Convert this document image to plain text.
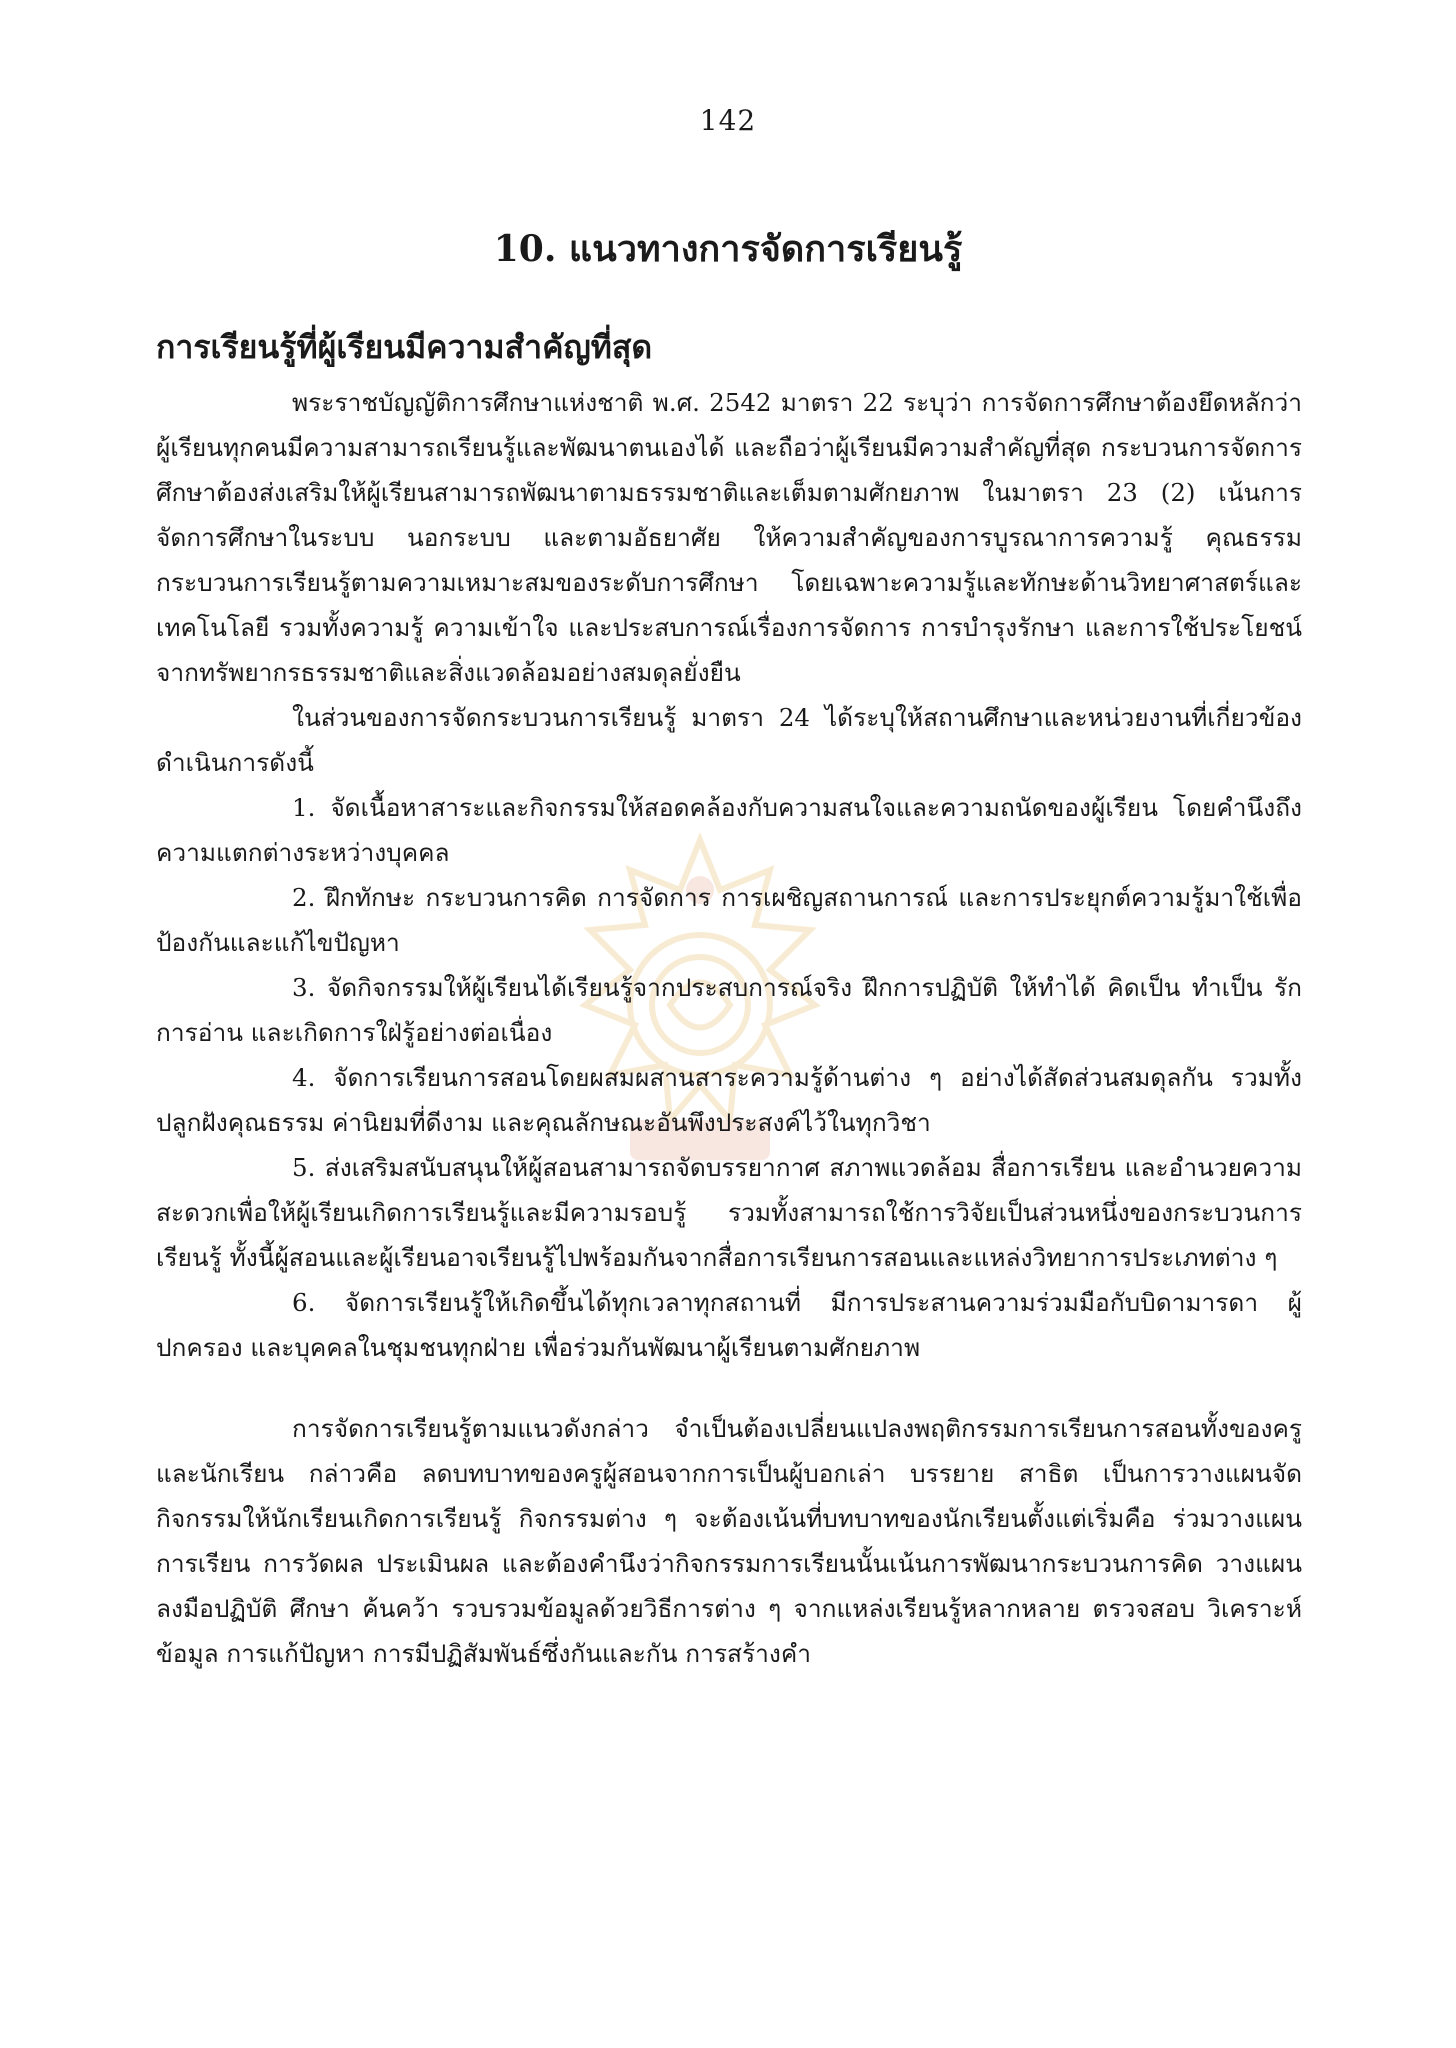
142
10. แนวทางการจัดการเรียนรู้
การเรียนรู้ที่ผู้เรียนมีความสำคัญที่สุด

พระราชบัญญัติการศึกษาแห่งชาติ พ.ศ. 2542 มาตรา 22 ระบุว่า การจัดการศึกษาต้องยึดหลักว่า ผู้เรียนทุกคนมีความสามารถเรียนรู้และพัฒนาตนเองได้ และถือว่าผู้เรียนมีความสำคัญที่สุด กระบวนการจัดการศึกษาต้องส่งเสริมให้ผู้เรียนสามารถพัฒนาตามธรรมชาติและเต็มตามศักยภาพ ในมาตรา 23 (2) เน้นการจัดการศึกษาในระบบ นอกระบบ และตามอัธยาศัย ให้ความสำคัญของการบูรณาการความรู้ คุณธรรม กระบวนการเรียนรู้ตามความเหมาะสมของระดับการศึกษา โดยเฉพาะความรู้และทักษะด้านวิทยาศาสตร์และเทคโนโลยี รวมทั้งความรู้ ความเข้าใจ และประสบการณ์เรื่องการจัดการ การบำรุงรักษา และการใช้ประโยชน์จากทรัพยากรธรรมชาติและสิ่งแวดล้อมอย่างสมดุลยั่งยืน

ในส่วนของการจัดกระบวนการเรียนรู้ มาตรา 24 ได้ระบุให้สถานศึกษาและหน่วยงานที่เกี่ยวข้องดำเนินการดังนี้

1. จัดเนื้อหาสาระและกิจกรรมให้สอดคล้องกับความสนใจและความถนัดของผู้เรียน โดยคำนึงถึงความแตกต่างระหว่างบุคคล

2. ฝึกทักษะ กระบวนการคิด การจัดการ การเผชิญสถานการณ์ และการประยุกต์ความรู้มาใช้เพื่อป้องกันและแก้ไขปัญหา

3. จัดกิจกรรมให้ผู้เรียนได้เรียนรู้จากประสบการณ์จริง ฝึกการปฏิบัติ ให้ทำได้ คิดเป็น ทำเป็น รักการอ่าน และเกิดการใฝ่รู้อย่างต่อเนื่อง

4. จัดการเรียนการสอนโดยผสมผสานสาระความรู้ด้านต่าง ๆ อย่างได้สัดส่วนสมดุลกัน รวมทั้งปลูกฝังคุณธรรม ค่านิยมที่ดีงาม และคุณลักษณะอันพึงประสงค์ไว้ในทุกวิชา

5. ส่งเสริมสนับสนุนให้ผู้สอนสามารถจัดบรรยากาศ สภาพแวดล้อม สื่อการเรียน และอำนวยความสะดวกเพื่อให้ผู้เรียนเกิดการเรียนรู้และมีความรอบรู้ รวมทั้งสามารถใช้การวิจัยเป็นส่วนหนึ่งของกระบวนการเรียนรู้ ทั้งนี้ผู้สอนและผู้เรียนอาจเรียนรู้ไปพร้อมกันจากสื่อการเรียนการสอนและแหล่งวิทยาการประเภทต่าง ๆ

6. จัดการเรียนรู้ให้เกิดขึ้นได้ทุกเวลาทุกสถานที่ มีการประสานความร่วมมือกับบิดามารดา ผู้ปกครอง และบุคคลในชุมชนทุกฝ่าย เพื่อร่วมกันพัฒนาผู้เรียนตามศักยภาพ

การจัดการเรียนรู้ตามแนวดังกล่าว จำเป็นต้องเปลี่ยนแปลงพฤติกรรมการเรียนการสอนทั้งของครูและนักเรียน กล่าวคือ ลดบทบาทของครูผู้สอนจากการเป็นผู้บอกเล่า บรรยาย สาธิต เป็นการวางแผนจัดกิจกรรมให้นักเรียนเกิดการเรียนรู้ กิจกรรมต่าง ๆ จะต้องเน้นที่บทบาทของนักเรียนตั้งแต่เริ่มคือ ร่วมวางแผนการเรียน การวัดผล ประเมินผล และต้องคำนึงว่ากิจกรรมการเรียนนั้นเน้นการพัฒนากระบวนการคิด วางแผน ลงมือปฏิบัติ ศึกษา ค้นคว้า รวบรวมข้อมูลด้วยวิธีการต่าง ๆ จากแหล่งเรียนรู้หลากหลาย ตรวจสอบ วิเคราะห์ข้อมูล การแก้ปัญหา การมีปฏิสัมพันธ์ซึ่งกันและกัน การสร้างคำ
